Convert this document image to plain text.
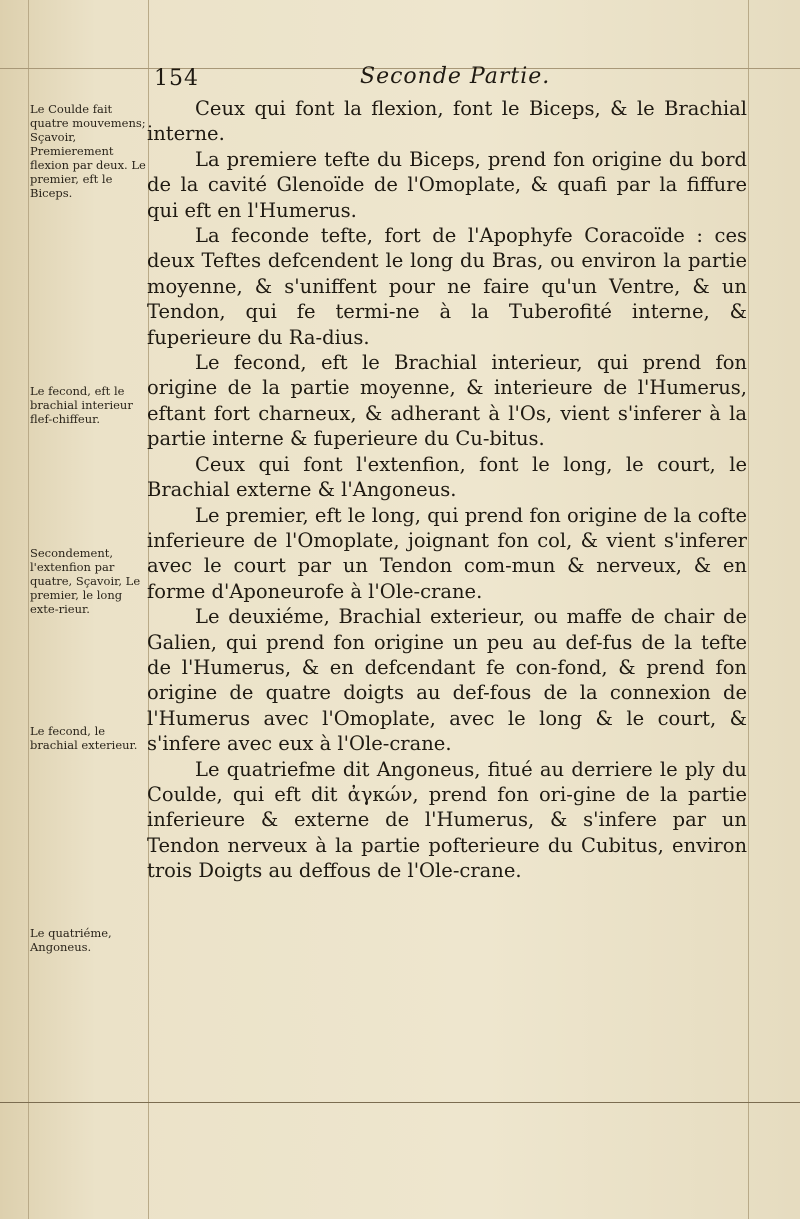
154	Seconde Partie.
Le Coulde fait quatre mouvemens; Sçavoir, Premierement flexion par deux. Le premier, eft le Biceps.
Le fecond, eft le brachial interieur flef-chiffeur.
Secondement, l'extenfion par quatre, Sçavoir, Le premier, le long exte-rieur.
Le fecond, le brachial exterieur.
Le quatriéme, Angoneus.

Ceux qui font la flexion, font le Biceps, & le Brachial interne.

La premiere tefte du Biceps, prend fon origine du bord de la cavité Glenoïde de l'Omoplate, & quafi par la fiffure qui eft en l'Humerus.

La feconde tefte, fort de l'Apophyfe Coracoïde : ces deux Teftes defcendent le long du Bras, ou environ la partie moyenne, & s'uniffent pour ne faire qu'un Ventre, & un Tendon, qui fe termi-ne à la Tuberofité interne, & fuperieure du Ra-dius.

Le fecond, eft le Brachial interieur, qui prend fon origine de la partie moyenne, & interieure de l'Humerus, eftant fort charneux, & adherant à l'Os, vient s'inferer à la partie interne & fuperieure du Cu-bitus.

Ceux qui font l'extenfion, font le long, le court, le Brachial externe & l'Angoneus.

Le premier, eft le long, qui prend fon origine de la cofte inferieure de l'Omoplate, joignant fon col, & vient s'inferer avec le court par un Tendon com-mun & nerveux, & en forme d'Aponeurofe à l'Ole-crane.

Le deuxiéme, Brachial exterieur, ou maffe de chair de Galien, qui prend fon origine un peu au def-fus de la tefte de l'Humerus, & en defcendant fe con-fond, & prend fon origine de quatre doigts au def-fous de la connexion de l'Humerus avec l'Omoplate, avec le long & le court, & s'infere avec eux à l'Ole-crane.

Le quatriefme dit Angoneus, fitué au derriere le ply du Coulde, qui eft dit ἀγκών, prend fon ori-gine de la partie inferieure & externe de l'Humerus, & s'infere par un Tendon nerveux à la partie pofterieure du Cubitus, environ trois Doigts au deffous de l'Ole-crane.
